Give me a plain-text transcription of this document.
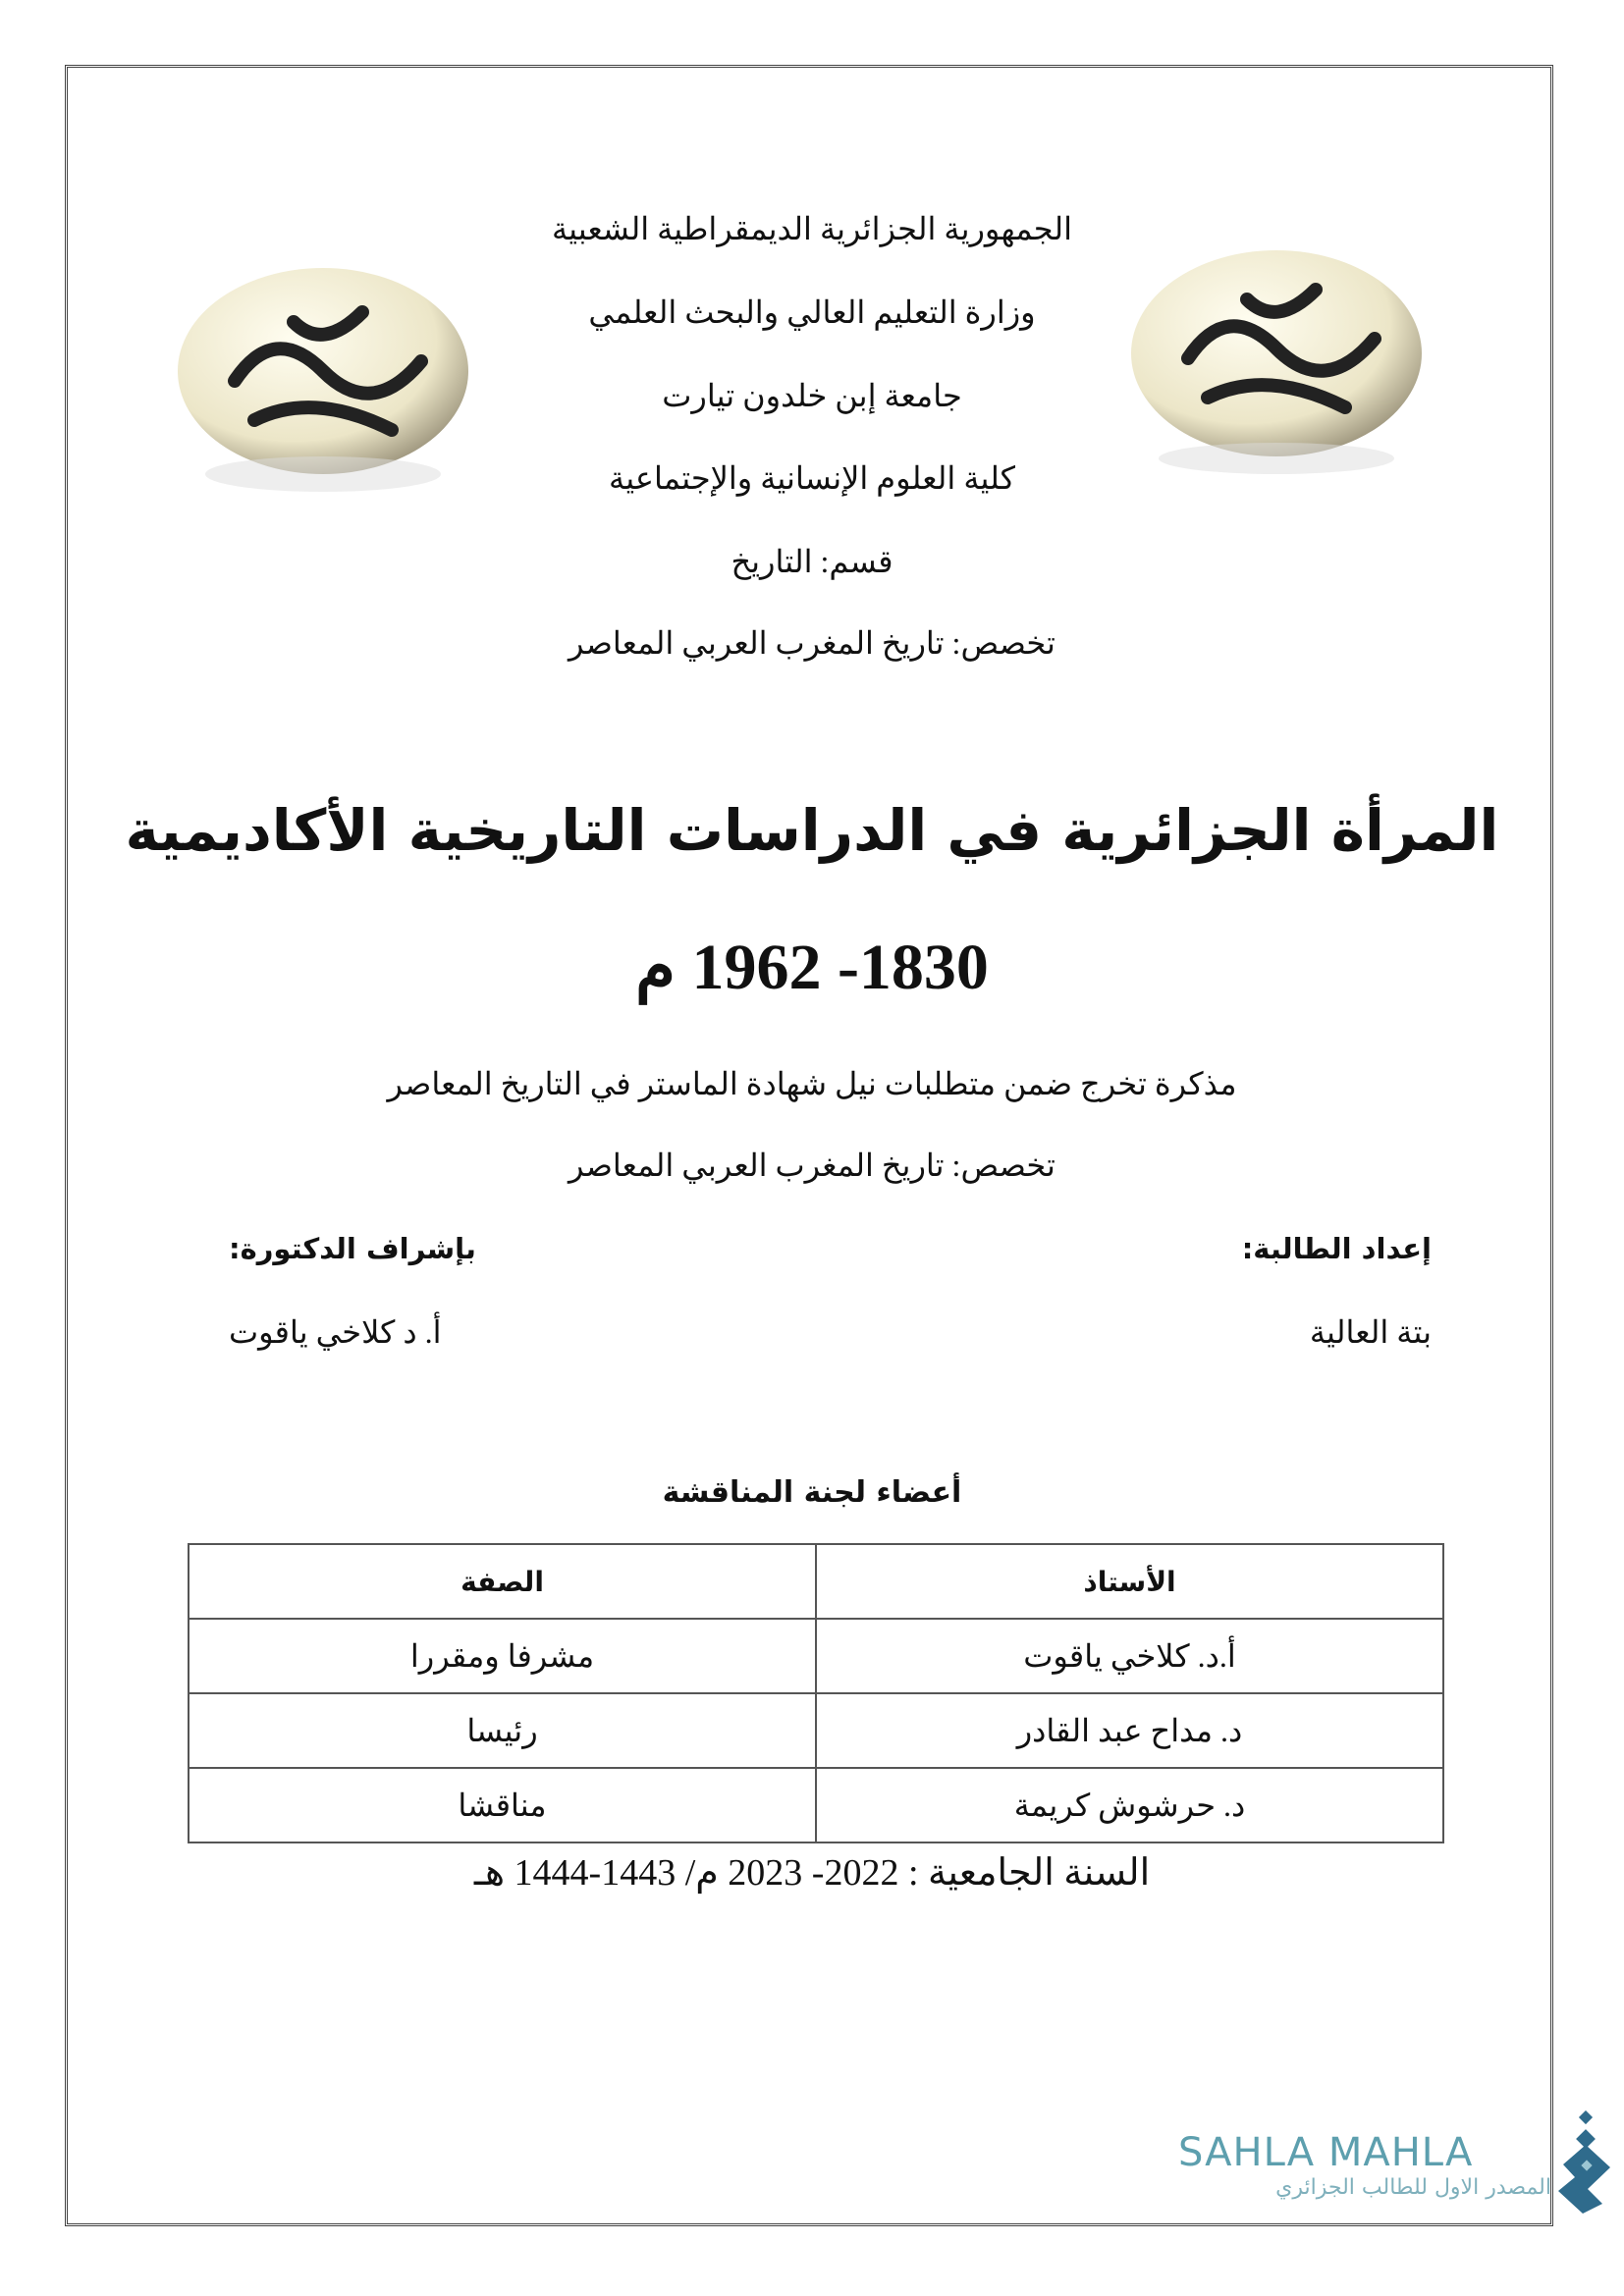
الجمهورية الجزائرية الديمقراطية الشعبية
وزارة التعليم العالي والبحث العلمي
جامعة إبن خلدون تيارت
كلية العلوم الإنسانية والإجتماعية
قسم: التاريخ
تخصص: تاريخ المغرب العربي المعاصر
المرأة الجزائرية في الدراسات التاريخية الأكاديمية
1830- 1962 م
مذكرة تخرج ضمن متطلبات نيل شهادة الماستر في التاريخ المعاصر
تخصص: تاريخ المغرب العربي المعاصر
إعداد الطالبة:
بإشراف الدكتورة:
بتة العالية
أ. د كلاخي ياقوت
أعضاء لجنة المناقشة
الأستاذ	الصفة
أ.د. كلاخي ياقوت	مشرفا ومقررا
د. مداح عبد القادر	رئيسا
د. حرشوش كريمة	مناقشا
السنة الجامعية : 2022- 2023 م/ 1443-1444 هـ
SAHLA MAHLA
المصدر الاول للطالب الجزائري
